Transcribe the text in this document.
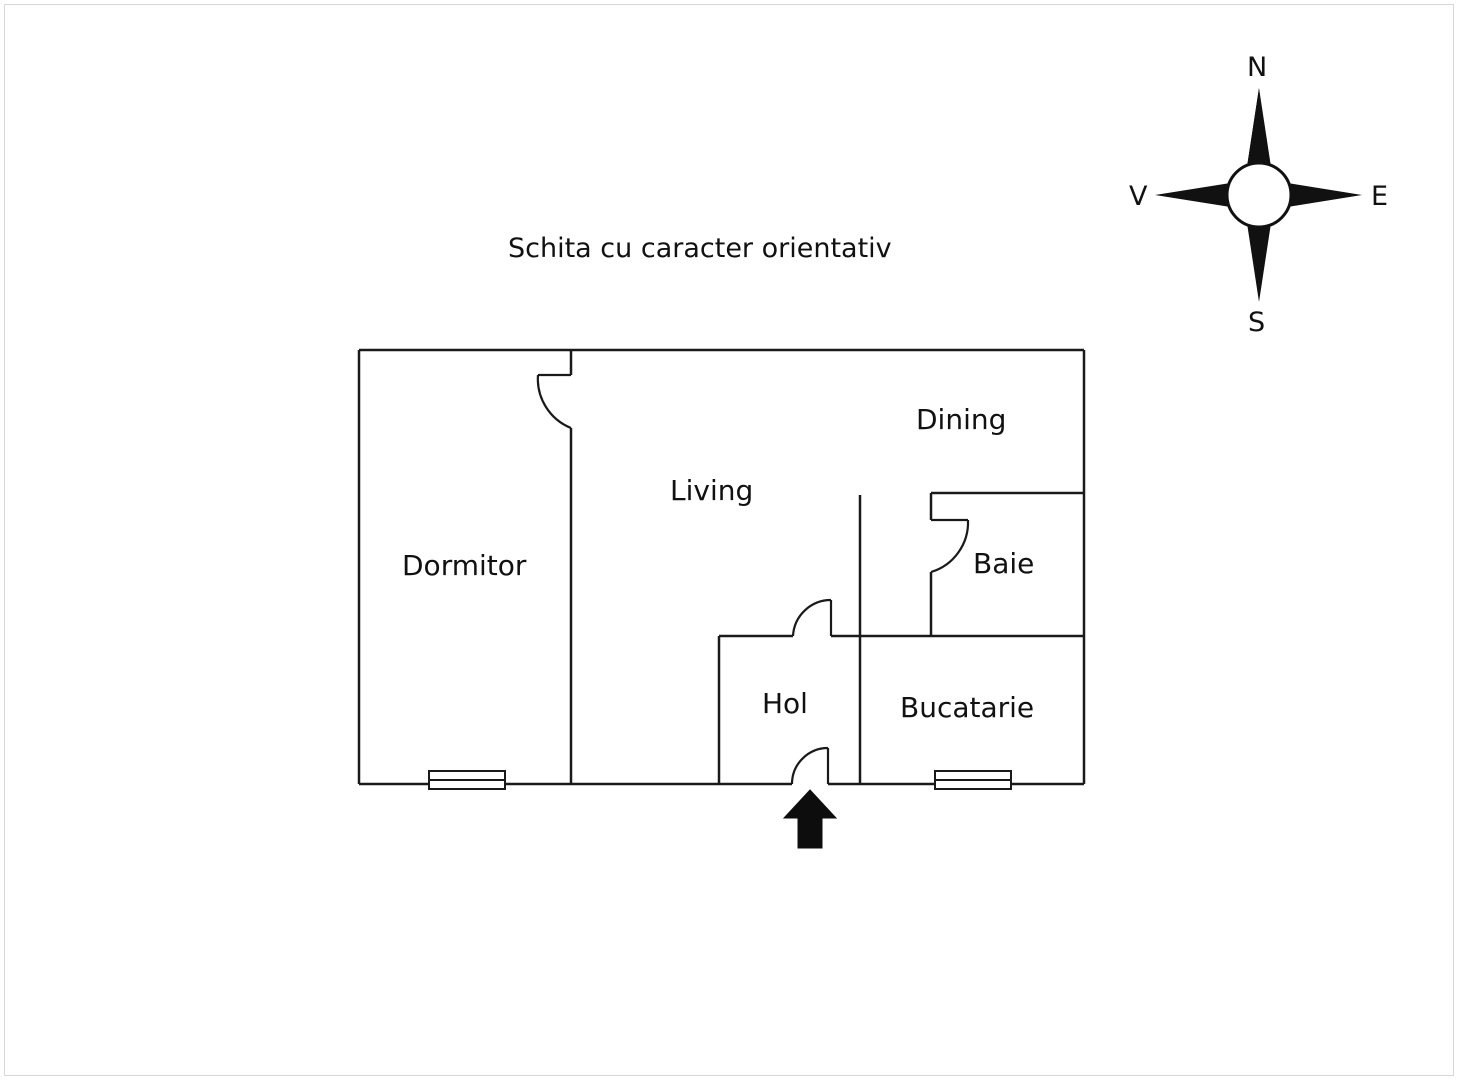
Schita cu caracter orientativ
Dormitor
Living
Dining
Baie
Hol	Bucatarie
N
S
E
V
